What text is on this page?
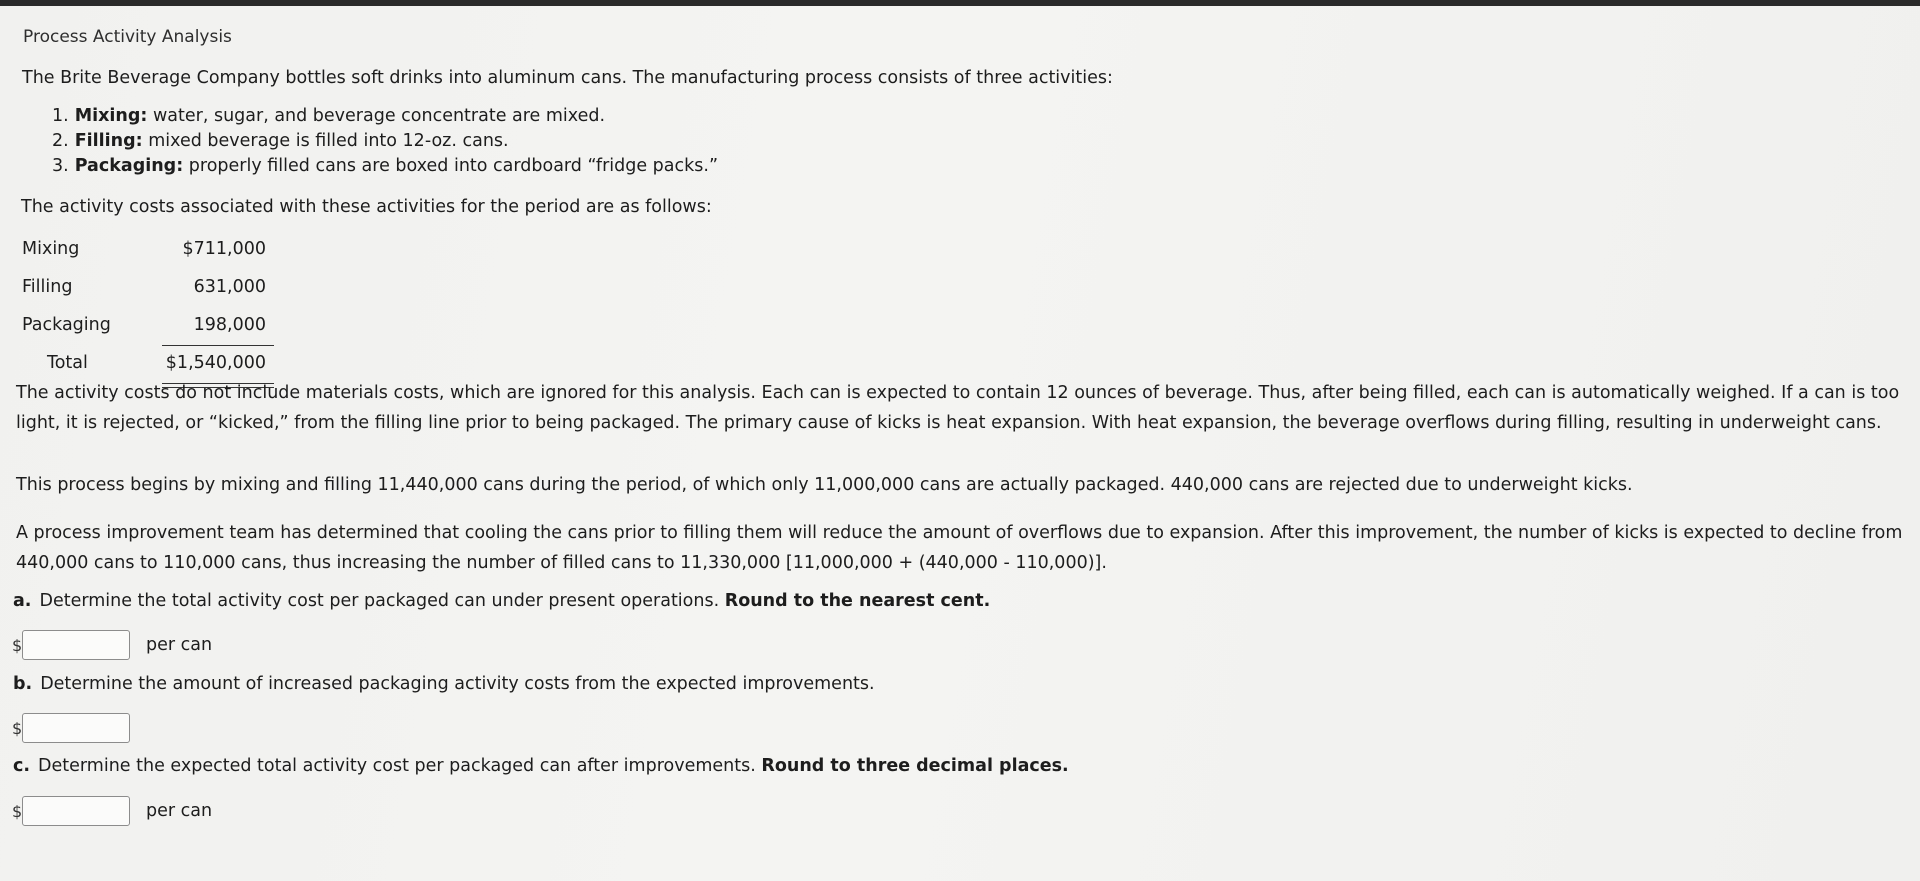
Process Activity Analysis
The Brite Beverage Company bottles soft drinks into aluminum cans. The manufacturing process consists of three activities:
1. Mixing: water, sugar, and beverage concentrate are mixed.
2. Filling: mixed beverage is filled into 12-oz. cans.
3. Packaging: properly filled cans are boxed into cardboard “fridge packs.”
The activity costs associated with these activities for the period are as follows:
Mixing	$711,000
Filling	631,000
Packaging	198,000
Total	$1,540,000
The activity costs do not include materials costs, which are ignored for this analysis. Each can is expected to contain 12 ounces of beverage. Thus, after being filled, each can is automatically weighed. If a can is too light, it is rejected, or “kicked,” from the filling line prior to being packaged. The primary cause of kicks is heat expansion. With heat expansion, the beverage overflows during filling, resulting in underweight cans.
This process begins by mixing and filling 11,440,000 cans during the period, of which only 11,000,000 cans are actually packaged. 440,000 cans are rejected due to underweight kicks.
A process improvement team has determined that cooling the cans prior to filling them will reduce the amount of overflows due to expansion. After this improvement, the number of kicks is expected to decline from 440,000 cans to 110,000 cans, thus increasing the number of filled cans to 11,330,000 [11,000,000 + (440,000 - 110,000)].
a. Determine the total activity cost per packaged can under present operations. Round to the nearest cent.
$	per can
b. Determine the amount of increased packaging activity costs from the expected improvements.
$
c. Determine the expected total activity cost per packaged can after improvements. Round to three decimal places.
$	per can
